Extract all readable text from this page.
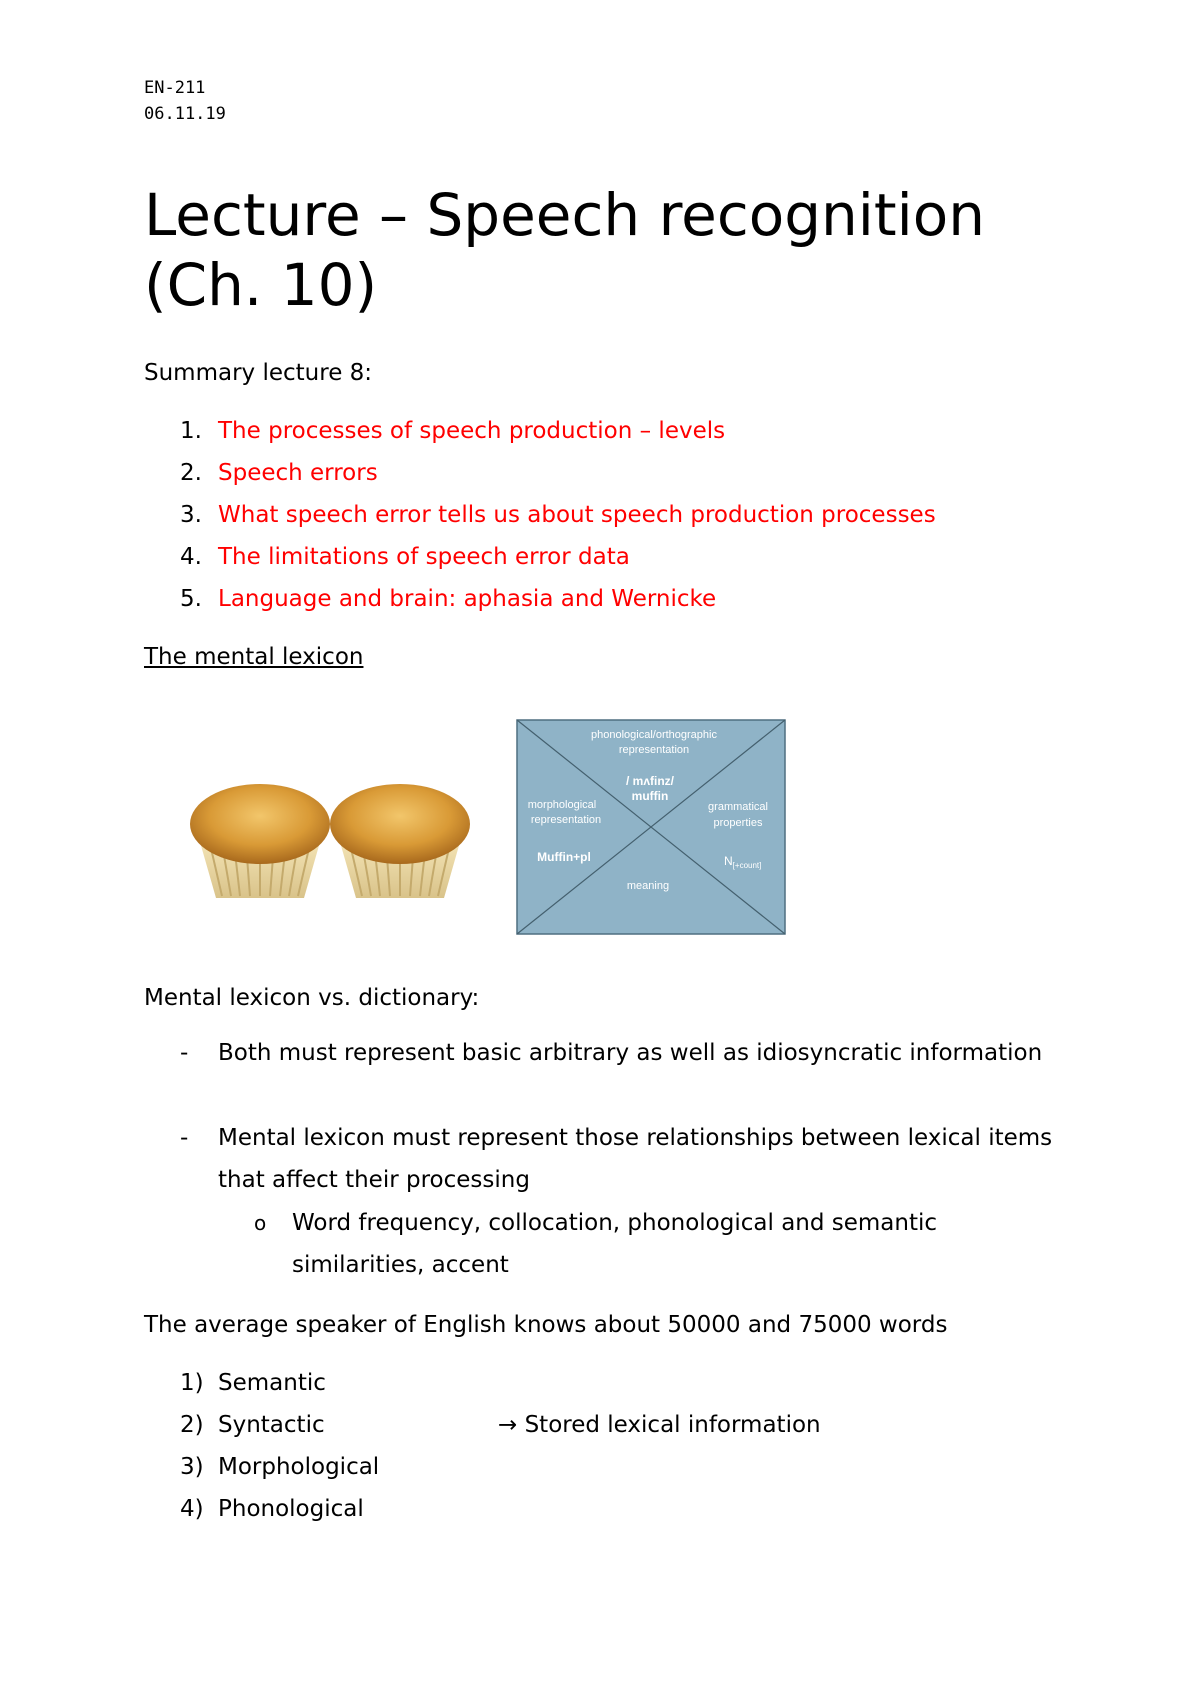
EN-211
06.11.19
Lecture – Speech recognition (Ch. 10)
Summary lecture 8:
1. The processes of speech production – levels
2. Speech errors
3. What speech error tells us about speech production processes
4. The limitations of speech error data
5. Language and brain: aphasia and Wernicke
The mental lexicon
phonological/orthographic
representation
/ mʌfinz/
muffin
morphological
representation
Muffin+pl
grammatical
properties
$N_{[+count]}$
meaning
Mental lexicon vs. dictionary:
- Both must represent basic arbitrary as well as idiosyncratic information
- Mental lexicon must represent those relationships between lexical items that affect their processing
o Word frequency, collocation, phonological and semantic similarities, accent
The average speaker of English knows about 50000 and 75000 words
1) Semantic
2) Syntactic
3) Morphological
4) Phonological
→ Stored lexical information
